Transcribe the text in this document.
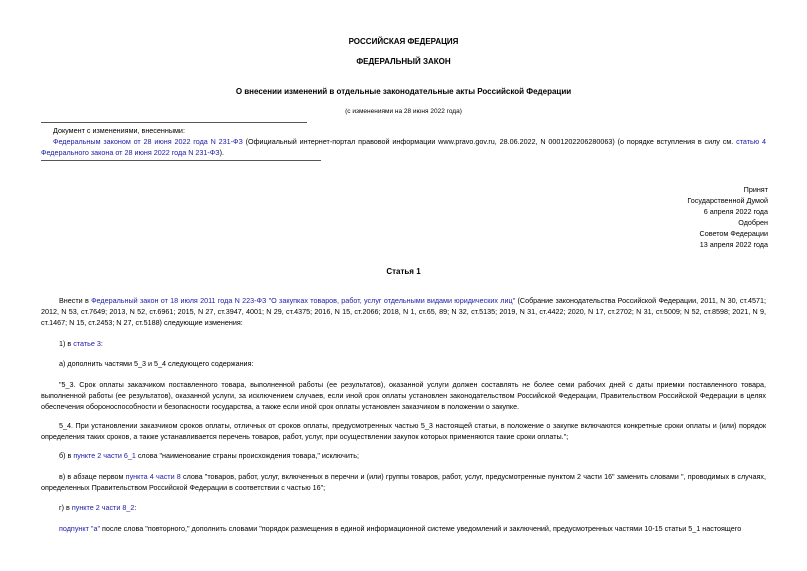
РОССИЙСКАЯ ФЕДЕРАЦИЯ
ФЕДЕРАЛЬНЫЙ ЗАКОН
О внесении изменений в отдельные законодательные акты Российской Федерации
(с изменениями на 28 июня 2022 года)
Документ с изменениями, внесенными:
Федеральным законом от 28 июня 2022 года N 231-ФЗ (Официальный интернет-портал правовой информации www.pravo.gov.ru, 28.06.2022, N 0001202206280063) (о порядке вступления в силу см. статью 4 Федерального закона от 28 июня 2022 года N 231-ФЗ).
Принят
Государственной Думой
6 апреля 2022 года
Одобрен
Советом Федерации
13 апреля 2022 года
Статья 1
Внести в Федеральный закон от 18 июля 2011 года N 223-ФЗ "О закупках товаров, работ, услуг отдельными видами юридических лиц" (Собрание законодательства Российской Федерации, 2011, N 30, ст.4571; 2012, N 53, ст.7649; 2013, N 52, ст.6961; 2015, N 27, ст.3947, 4001; N 29, ст.4375; 2016, N 15, ст.2066; 2018, N 1, ст.65, 89; N 32, ст.5135; 2019, N 31, ст.4422; 2020, N 17, ст.2702; N 31, ст.5009; N 52, ст.8598; 2021, N 9, ст.1467; N 15, ст.2453; N 27, ст.5188) следующие изменения:
1) в статье 3:
а) дополнить частями 5_3 и 5_4 следующего содержания:
"5_3. Срок оплаты заказчиком поставленного товара, выполненной работы (ее результатов), оказанной услуги должен составлять не более семи рабочих дней с даты приемки поставленного товара, выполненной работы (ее результатов), оказанной услуги, за исключением случаев, если иной срок оплаты установлен законодательством Российской Федерации, Правительством Российской Федерации в целях обеспечения обороноспособности и безопасности государства, а также если иной срок оплаты установлен заказчиком в положении о закупке.
5_4. При установлении заказчиком сроков оплаты, отличных от сроков оплаты, предусмотренных частью 5_3 настоящей статьи, в положение о закупке включаются конкретные сроки оплаты и (или) порядок определения таких сроков, а также устанавливается перечень товаров, работ, услуг, при осуществлении закупок которых применяются такие сроки оплаты.";
б) в пункте 2 части 6_1 слова "наименование страны происхождения товара," исключить;
в) в абзаце первом пункта 4 части 8 слова "товаров, работ, услуг, включенных в перечни и (или) группы товаров, работ, услуг, предусмотренные пунктом 2 части 16" заменить словами ", проводимых в случаях, определенных Правительством Российской Федерации в соответствии с частью 16";
г) в пункте 2 части 8_2:
подпункт "а" после слова "повторного," дополнить словами "порядок размещения в единой информационной системе уведомлений и заключений, предусмотренных частями 10-15 статьи 5_1 настоящего
